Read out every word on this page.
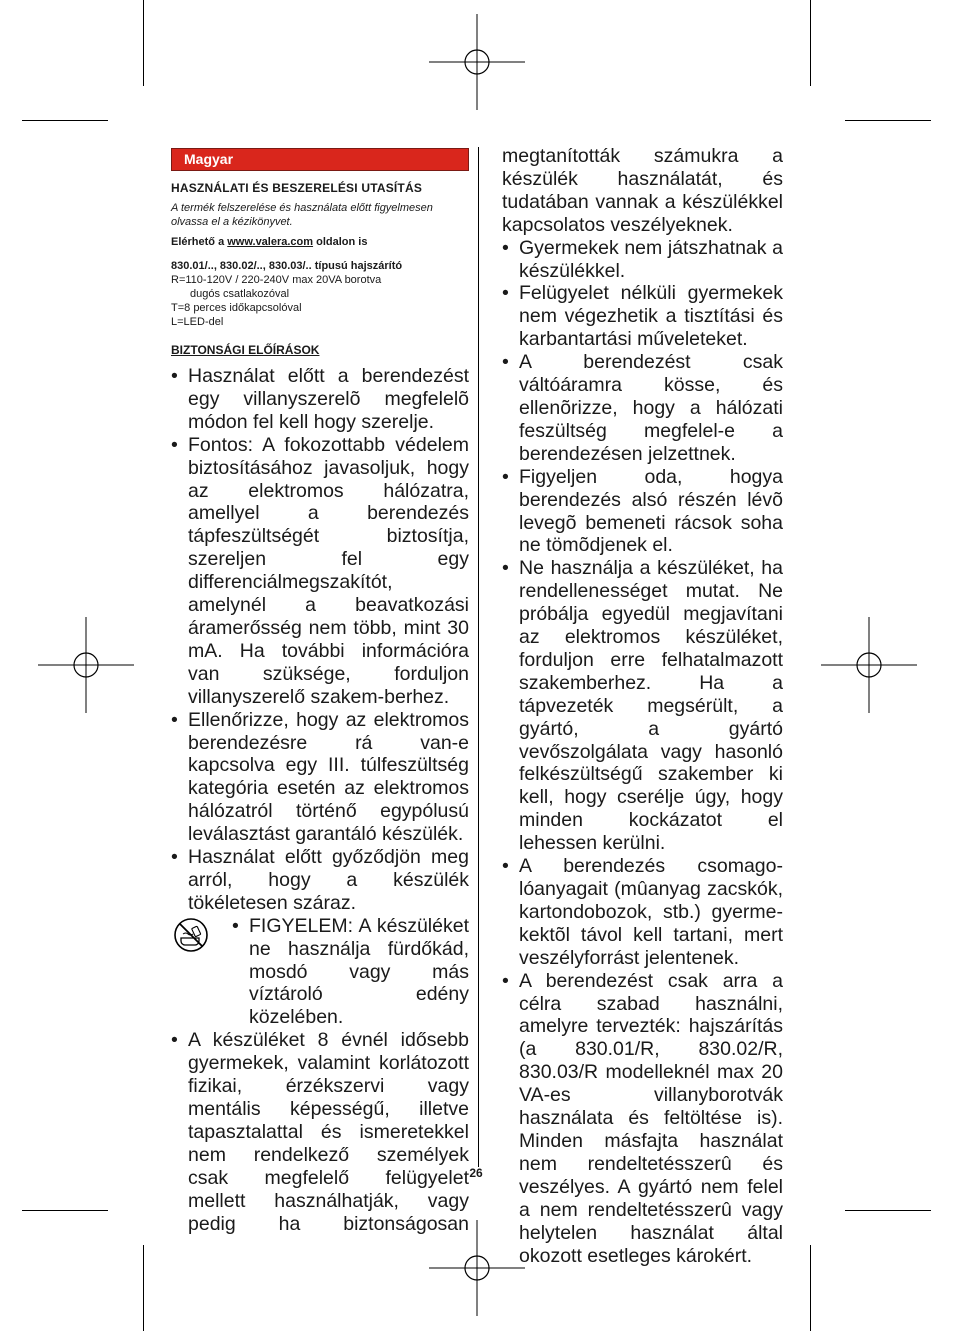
Magyar
HASZNÁLATI ÉS BESZERELÉSI UTASÍTÁS
A termék felszerelése és használata előtt figyelmesen olvassa el a kézikönyvet.
Elérhető a www.valera.com oldalon is
830.01/.., 830.02/.., 830.03/.. típusú hajszárító
R=110-120V / 220-240V max 20VA borotva
dugós csatlakozóval
T=8 perces időkapcsolóval
L=LED-del
BIZTONSÁGI ELŐÍRÁSOK
• Használat előtt a berendezést egy villanyszerelõ megfelelõ módon fel kell hogy szerelje.
• Fontos: A fokozottabb védelem biztosításához javasoljuk, hogy az elektromos hálózatra, amellyel a berendezés tápfeszültségét biztosítja, szereljen fel egy differenciálmegszakítót, amelynél a beavatkozási áramerősség nem több, mint 30 mA. Ha további információra van szüksége, forduljon villanyszerelő szakem-berhez.
• Ellenőrizze, hogy az elektromos berendezésre rá van-e kapcsolva egy III. túlfeszültség kategória esetén az elektromos hálózatról történő egypólusú leválasztást garantáló készülék.
• Használat előtt győződjön meg arról, hogy a készülék tökéletesen száraz.
• FIGYELEM: A készüléket ne használja fürdőkád, mosdó vagy más víztároló edény közelében.
• A készüléket 8 évnél idősebb gyermekek, valamint korlátozott fizikai, érzékszervi vagy mentális képességű, illetve tapasztalattal és ismeretekkel nem rendelkező személyek csak megfelelő felügyelet mellett használhatják, vagy pedig ha biztonságosan
megtanították számukra a készülék használatát, és tudatában vannak a készülékkel kapcsolatos veszélyeknek.
• Gyermekek nem játszhatnak a készülékkel.
• Felügyelet nélküli gyermekek nem végezhetik a tisztítási és karbantartási műveleteket.
• A berendezést csak váltóáramra kösse, és ellenõrizze, hogy a hálózati feszültség megfelel-e a berendezésen jelzettnek.
• Figyeljen oda, hogya berendezés alsó részén lévõ levegõ bemeneti rácsok soha ne tömõdjenek el.
• Ne használja a készüléket, ha rendellenességet mutat. Ne próbálja egyedül megjavítani az elektromos készüléket, forduljon erre felhatalmazott szakemberhez. Ha a tápvezeték megsérült, a gyártó, a gyártó vevőszolgálata vagy hasonló felkészültségű szakember ki kell, hogy cserélje úgy, hogy minden kockázatot el lehessen kerülni.
• A berendezés csomago-lóanyagait (mûanyag zacskók, kartondobozok, stb.) gyerme-kektõl távol kell tartani, mert veszélyforrást jelentenek.
• A berendezést csak arra a célra szabad használni, amelyre tervezték: hajszárítás (a 830.01/R, 830.02/R, 830.03/R modelleknél max 20 VA-es villanyborotvák használata és feltöltése is). Minden másfajta használat nem rendeltetésszerû és veszélyes. A gyártó nem felel a nem rendeltetésszerû vagy helytelen használat által okozott esetleges károkért.
26
